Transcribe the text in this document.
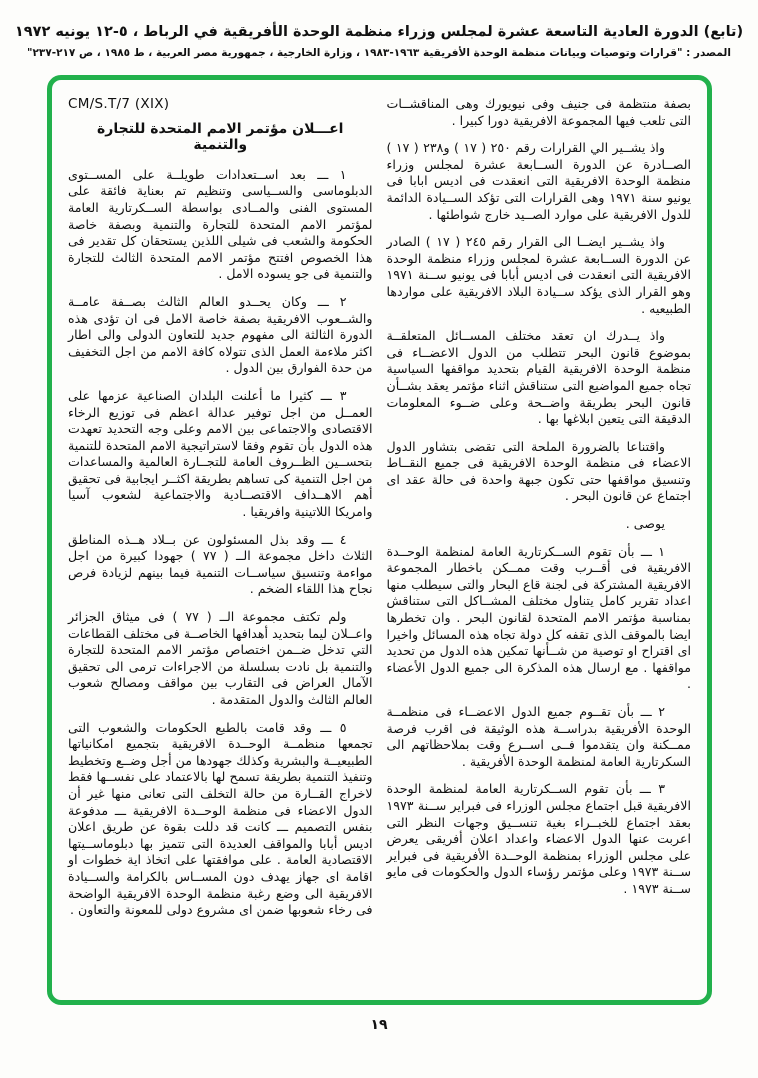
(تابع) الدورة العادية التاسعة عشرة لمجلس وزراء منظمة الوحدة الأفريقية في الرباط ، ٥-١٢ يونيه ١٩٧٢
المصدر : "قرارات وتوصيات وبيانات منظمة الوحدة الأفريقية ١٩٦٣-١٩٨٣ ، وزارة الخارجية ، جمهورية مصر العربية ، ط ١٩٨٥ ، ص ٢١٧-٢٣٧"

بصفة منتظمة فى جنيف وفى نيويورك وهى المناقشــات التى تلعب فيها المجموعة الافريقية دورا كبيرا .

واذ يشــير الي القرارات رقم ٢٥٠ ( ١٧ ) و٢٣٨ ( ١٧ ) الصــادرة عن الدورة الســابعة عشرة لمجلس وزراء منظمة الوحدة الافريقية التى انعقدت فى اديس ابابا فى يونيو سنة ١٩٧١ وهى القرارات التى تؤكد الســيادة الدائمة للدول الافريقية على موارد الصــيد خارج شواطئها .

واذ يشــير ايضــا الى القرار رقم ٢٤٥ ( ١٧ ) الصادر عن الدورة الســابعة عشرة لمجلس وزراء منظمة الوحدة الافريقية التى انعقدت فى اديس أبابا فى يونيو ســنة ١٩٧١ وهو القرار الذى يؤكد ســيادة البلاد الافريقية على مواردها الطبيعيه .

واذ يــدرك ان تعقد مختلف المســائل المتعلقــة بموضوع قانون البحر تتطلب من الدول الاعضــاء فى منظمة الوحدة الافريقية القيام بتحديد مواقفها السياسية تجاه جميع المواضيع التى ستناقش اثناء مؤتمر يعقد بشــأن قانون البحر بطريقة واضــحة وعلى ضــوء المعلومات الدقيقة التى يتعين ابلاغها بها .

واقتناعا بالضرورة الملحة التى تقضى بتشاور الدول الاعضاء فى منظمة الوحدة الافريقية فى جميع النقــاط وتنسيق مواقفها حتى تكون جبهة واحدة فى حالة عقد اى اجتماع عن قانون البحر .

يوصى .

١ ـــ بأن تقوم الســكرتارية العامة لمنظمة الوحــدة الافريقية فى أقــرب وقت ممــكن باخطار المجموعة الافريقية المشتركة فى لجنة قاع البحار والتى سيطلب منها اعداد تقرير كامل يتناول مختلف المشــاكل التى ستناقش بمناسبة مؤتمر الامم المتحدة لقانون البحر . وان تخطرها ايضا بالموقف الذى تقفه كل دولة تجاه هذه المسائل واخيرا اى اقتراح او توصية من شــأنها تمكين هذه الدول من تحديد مواقفها . مع ارسال هذه المذكرة الى جميع الدول الأعضاء .

٢ ـــ بأن تقــوم جميع الدول الاعضــاء فى منظمــة الوحدة الأفريقية بدراســة هذه الوثيقة فى اقرب فرصة ممــكنة وان يتقدموا فــى اســرع وقت بملاحظاتهم الى السكرتارية العامة لمنظمة الوحدة الأفريقية .

٣ ـــ بأن تقوم الســكرتارية العامة لمنظمة الوحدة الافريقية قبل اجتماع مجلس الوزراء فى فبراير ســنة ١٩٧٣ بعقد اجتماع للخبــراء بغية تنســيق وجهات النظر التى اعربت عنها الدول الاعضاء واعداد اعلان أفريقى يعرض على مجلس الوزراء بمنظمة الوحــدة الأفريقية فى فبراير ســنة ١٩٧٣ وعلى مؤتمر رؤساء الدول والحكومات فى مايو ســنة ١٩٧٣ .

CM/S.T/7 (XIX)
اعـــلان مؤتمر الامم المتحدة للتجارة والتنمية

١ ـــ بعد اســتعدادات طويلــة على المســتوى الدبلوماسى والســياسى وتنظيم تم بعناية فائقة على المستوى الفنى والمــادى بواسطة الســكرتارية العامة لمؤتمر الامم المتحدة للتجارة والتنمية وبصفة خاصة الحكومة والشعب فى شيلى اللذين يستحقان كل تقدير فى هذا الخصوص افتتح مؤتمر الامم المتحدة الثالث للتجارة والتنمية فى جو يسوده الامل .

٢ ـــ وكان يحــدو العالم الثالث بصــفة عامــة والشــعوب الافريقية بصفة خاصة الامل فى ان تؤدى هذه الدورة الثالثة الى مفهوم جديد للتعاون الدولى والى اطار اكثر ملاءمة العمل الذى تتولاه كافة الامم من اجل التخفيف من حدة الفوارق بين الدول .

٣ ـــ كثيرا ما أعلنت البلدان الصناعية عزمها على العمــل من اجل توفير عدالة اعظم فى توزيع الرخاء الاقتصادى والاجتماعى بين الامم وعلى وجه التحديد تعهدت هذه الدول بأن تقوم وفقا لاستراتيجية الامم المتحدة للتنمية بتحســين الظــروف العامة للتجــارة العالمية والمساعدات من اجل التنمية كى تساهم بطريقة اكثــر ايجابية فى تحقيق أهم الاهــداف الاقتصــادية والاجتماعية لشعوب آسيا وامريكا اللاتينية وافريقيا .

٤ ـــ وقد بذل المسئولون عن بــلاد هــذه المناطق الثلاث داخل مجموعة الــ ( ٧٧ ) جهودا كبيرة من اجل مواءمة وتنسيق سياســات التنمية فيما بينهم لزيادة فرص نجاح هذا اللقاء الضخم .

ولم تكتف مجموعة الــ ( ٧٧ ) فى ميثاق الجزائر واعــلان ليما بتحديد أهدافها الخاصــة فى مختلف القطاعات التي تدخل ضــمن اختصاص مؤتمر الامم المتحدة للتجارة والتنمية بل نادت بسلسلة من الاجراءات ترمى الى تحقيق الآمال العراض فى التقارب بين مواقف ومصالح شعوب العالم الثالث والدول المتقدمة .

٥ ـــ وقد قامت بالطبع الحكومات والشعوب التى تجمعها منظمــة الوحــدة الافريقية بتجميع امكانياتها الطبيعيــة والبشرية وكذلك جهودها من أجل وضــع وتخطيط وتنفيذ التنمية بطريقة تسمح لها بالاعتماد على نفســها فقط لاخراج القــارة من حالة التخلف التى تعانى منها غير أن الدول الاعضاء فى منظمة الوحــدة الافريقية ـــ مدفوعة بنفس التصميم ـــ كانت قد دللت بقوة عن طريق اعلان اديس أبابا والمواقف العديدة التى تتميز بها دبلوماســيتها الاقتصادية العامة . على موافقتها على اتخاذ اية خطوات او اقامة اى جهاز يهدف دون المســاس بالكرامة والســيادة الافريقية الى وضع رغبة منظمة الوحدة الافريقية الواضحة فى رخاء شعوبها ضمن اى مشروع دولى للمعونة والتعاون .

١٩
